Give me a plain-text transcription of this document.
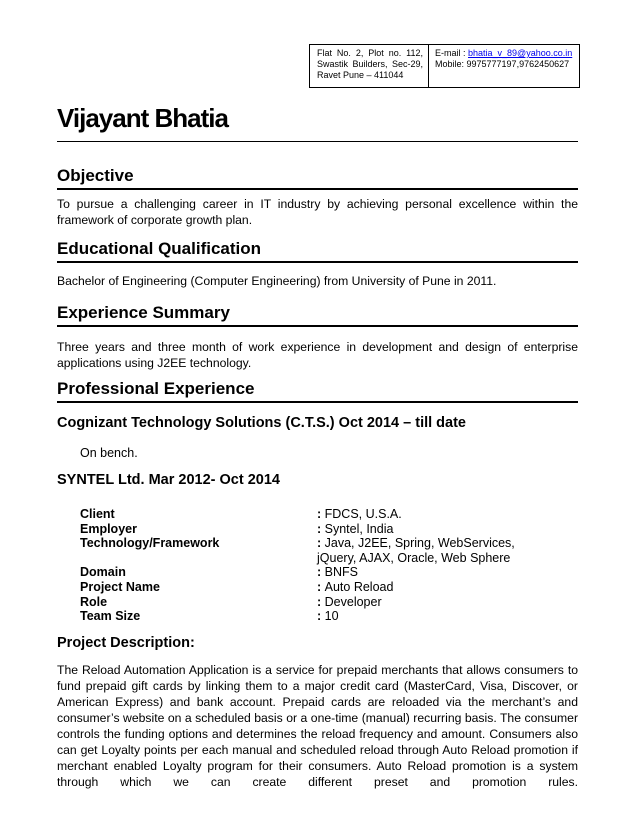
Flat No. 2, Plot no. 112, Swastik Builders, Sec-29, Ravet Pune – 411044
E-mail : bhatia_v_89@yahoo.co.in
Mobile: 9975777197,9762450627
Vijayant Bhatia
Objective

To pursue a challenging career in IT industry by achieving personal excellence within the framework of corporate growth plan.

Educational Qualification

Bachelor of Engineering (Computer Engineering) from University of Pune in 2011.

Experience Summary

Three years and three month of work experience in development and design of enterprise applications using J2EE technology.

Professional Experience
Cognizant Technology Solutions (C.T.S.) Oct 2014 – till date

On bench.

SYNTEL Ltd. Mar 2012- Oct 2014
Client	: FDCS, U.S.A.
Employer	: Syntel, India
Technology/Framework	: Java, J2EE, Spring, WebServices, jQuery, AJAX, Oracle, Web Sphere
Domain	: BNFS
Project Name	: Auto Reload
Role	: Developer
Team Size	: 10
Project Description:

The Reload Automation Application is a service for prepaid merchants that allows consumers to fund prepaid gift cards by linking them to a major credit card (MasterCard, Visa, Discover, or American Express) and bank account. Prepaid cards are reloaded via the merchant’s and consumer’s website on a scheduled basis or a one-time (manual) recurring basis. The consumer controls the funding options and determines the reload frequency and amount. Consumers also can get Loyalty points per each manual and scheduled reload through Auto Reload promotion if merchant enabled Loyalty program for their consumers. Auto Reload promotion is a system through which we can create different preset and promotion rules.
